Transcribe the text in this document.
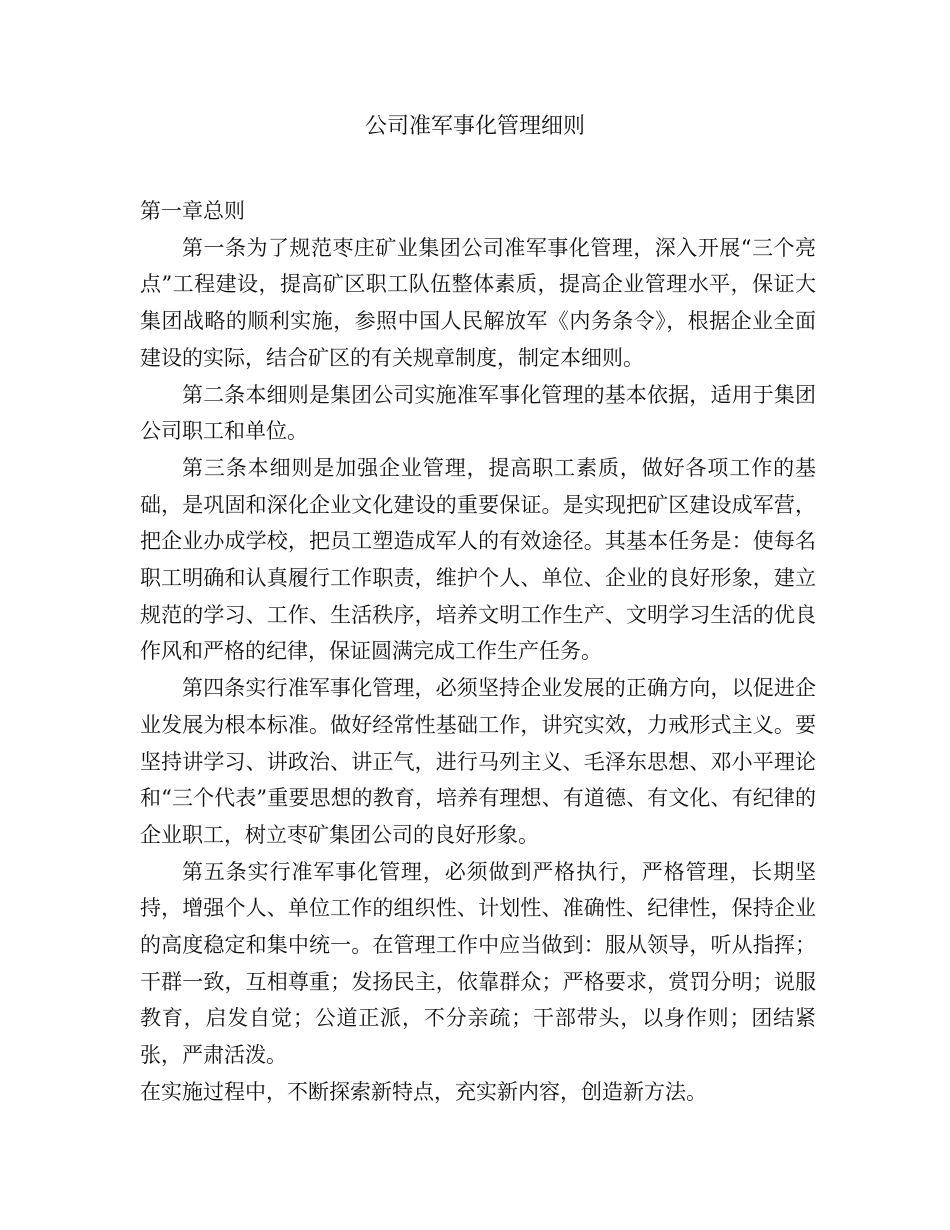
公司准军事化管理细则

第一章总则

第一条为了规范枣庄矿业集团公司准军事化管理，深入开展“三个亮点”工程建设，提高矿区职工队伍整体素质，提高企业管理水平，保证大集团战略的顺利实施，参照中国人民解放军《内务条令》，根据企业全面建设的实际，结合矿区的有关规章制度，制定本细则。

第二条本细则是集团公司实施准军事化管理的基本依据，适用于集团公司职工和单位。

第三条本细则是加强企业管理，提高职工素质，做好各项工作的基础，是巩固和深化企业文化建设的重要保证。是实现把矿区建设成军营，把企业办成学校，把员工塑造成军人的有效途径。其基本任务是：使每名职工明确和认真履行工作职责，维护个人、单位、企业的良好形象，建立规范的学习、工作、生活秩序，培养文明工作生产、文明学习生活的优良作风和严格的纪律，保证圆满完成工作生产任务。

第四条实行准军事化管理，必须坚持企业发展的正确方向，以促进企业发展为根本标准。做好经常性基础工作，讲究实效，力戒形式主义。要坚持讲学习、讲政治、讲正气，进行马列主义、毛泽东思想、邓小平理论和“三个代表”重要思想的教育，培养有理想、有道德、有文化、有纪律的企业职工，树立枣矿集团公司的良好形象。

第五条实行准军事化管理，必须做到严格执行，严格管理，长期坚持，增强个人、单位工作的组织性、计划性、准确性、纪律性，保持企业的高度稳定和集中统一。在管理工作中应当做到：服从领导，听从指挥；干群一致，互相尊重；发扬民主，依靠群众；严格要求，赏罚分明；说服教育，启发自觉；公道正派，不分亲疏；干部带头，以身作则；团结紧张，严肃活泼。

在实施过程中，不断探索新特点，充实新内容，创造新方法。
